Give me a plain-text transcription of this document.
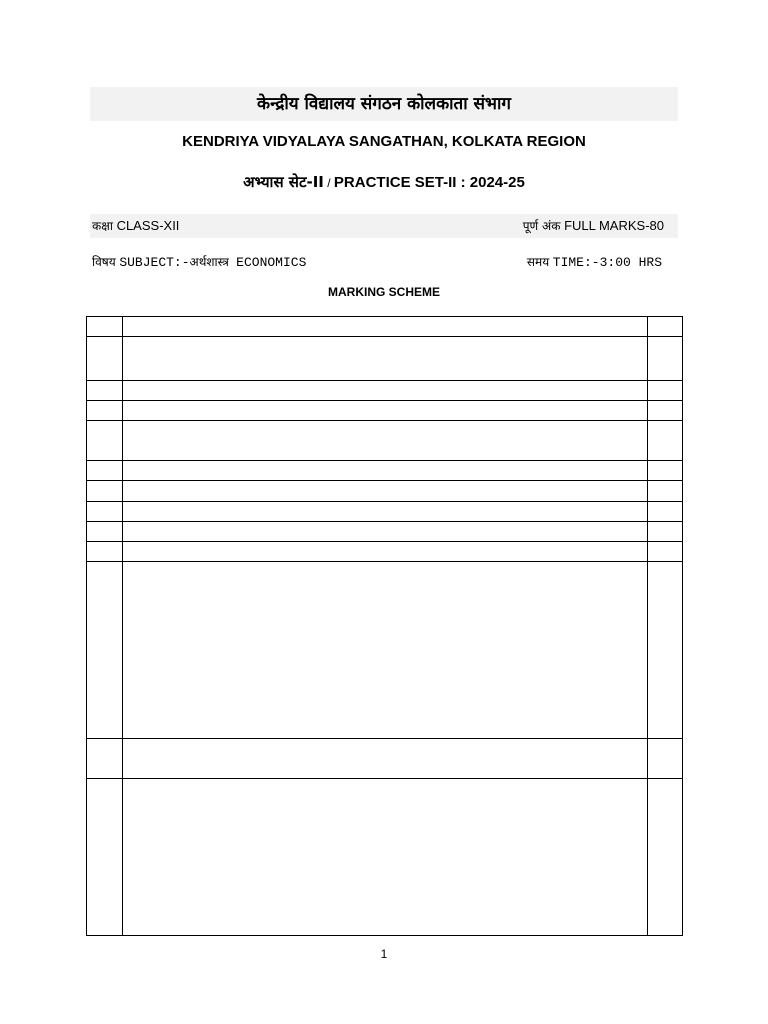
केन्द्रीय विद्यालय संगठन कोलकाता संभाग
KENDRIYA VIDYALAYA SANGATHAN, KOLKATA REGION
अभ्यास सेट-II / PRACTICE SET-II : 2024-25
कक्षा CLASS-XII	पूर्ण अंक FULL MARKS-80
विषय SUBJECT:-अर्थशास्त्र ECONOMICS	समय TIME:-3:00 HRS
MARKING SCHEME

1
